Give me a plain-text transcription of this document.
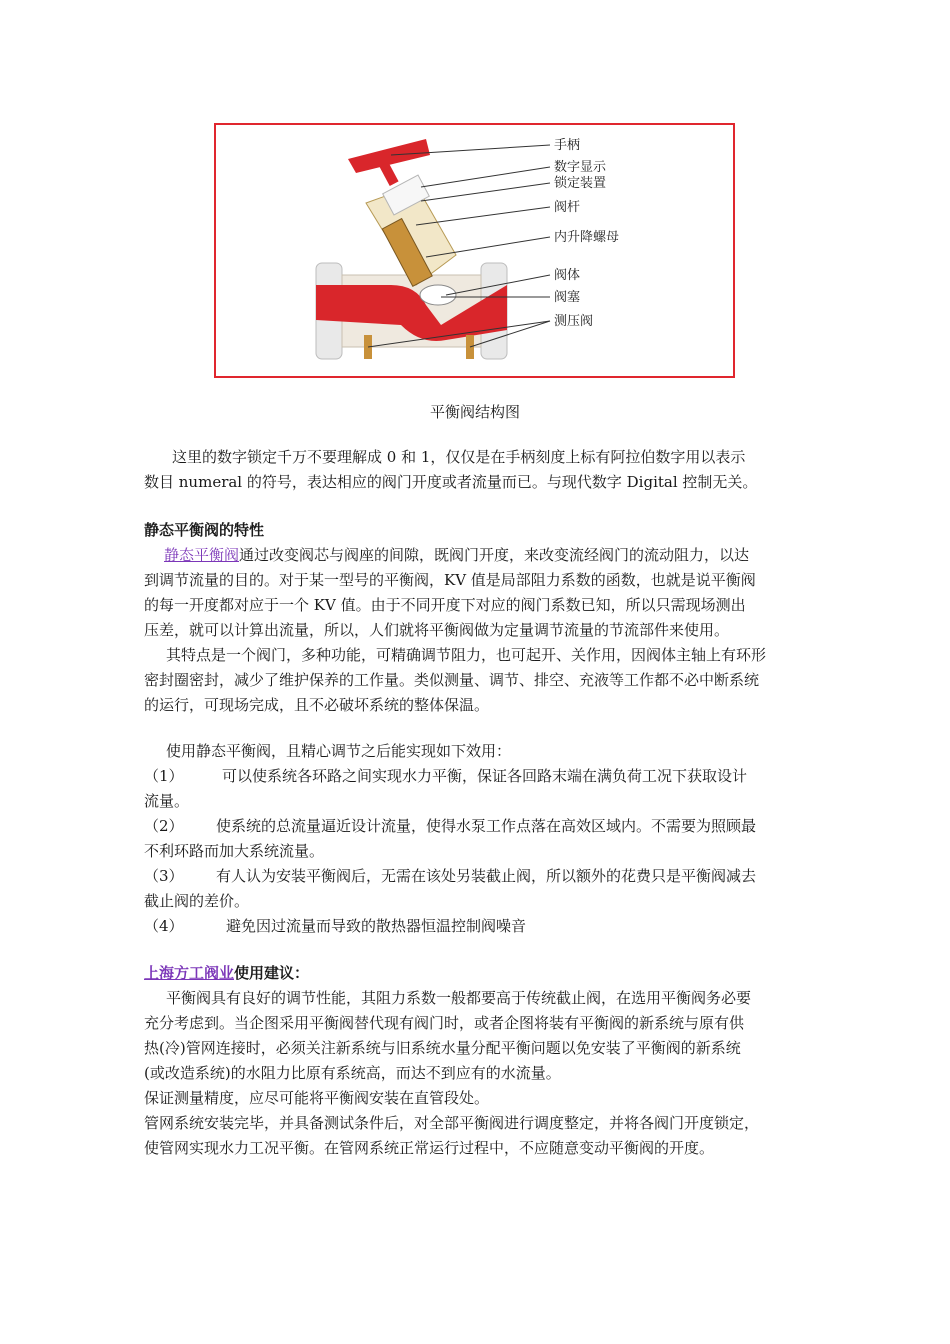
手柄
数字显示
锁定装置
阀杆
内升降螺母
阀体
阀塞
测压阀
平衡阀结构图
这里的数字锁定千万不要理解成 0 和 1，仅仅是在手柄刻度上标有阿拉伯数字用以表示
数目 numeral 的符号，表达相应的阀门开度或者流量而已。与现代数字 Digital 控制无关。
静态平衡阀的特性
静态平衡阀通过改变阀芯与阀座的间隙，既阀门开度，来改变流经阀门的流动阻力，以达
到调节流量的目的。对于某一型号的平衡阀，KV 值是局部阻力系数的函数，也就是说平衡阀
的每一开度都对应于一个 KV 值。由于不同开度下对应的阀门系数已知，所以只需现场测出
压差，就可以计算出流量，所以，人们就将平衡阀做为定量调节流量的节流部件来使用。
其特点是一个阀门，多种功能，可精确调节阻力，也可起开、关作用，因阀体主轴上有环形
密封圈密封，减少了维护保养的工作量。类似测量、调节、排空、充液等工作都不必中断系统
的运行，可现场完成，且不必破坏系统的整体保温。
使用静态平衡阀，且精心调节之后能实现如下效用：
（1）	可以使系统各环路之间实现水力平衡，保证各回路末端在满负荷工况下获取设计
流量。
（2） 使系统的总流量逼近设计流量，使得水泵工作点落在高效区域内。不需要为照顾最
不利环路而加大系统流量。
（3） 有人认为安装平衡阀后，无需在该处另装截止阀，所以额外的花费只是平衡阀减去
截止阀的差价。
（4）	避免因过流量而导致的散热器恒温控制阀噪音
上海方工阀业使用建议：
平衡阀具有良好的调节性能，其阻力系数一般都要高于传统截止阀，在选用平衡阀务必要
充分考虑到。当企图采用平衡阀替代现有阀门时，或者企图将装有平衡阀的新系统与原有供
热(冷)管网连接时，必须关注新系统与旧系统水量分配平衡问题以免安装了平衡阀的新系统
(或改造系统)的水阻力比原有系统高，而达不到应有的水流量。
保证测量精度，应尽可能将平衡阀安装在直管段处。
管网系统安装完毕，并具备测试条件后，对全部平衡阀进行调度整定，并将各阀门开度锁定，
使管网实现水力工况平衡。在管网系统正常运行过程中，不应随意变动平衡阀的开度。
